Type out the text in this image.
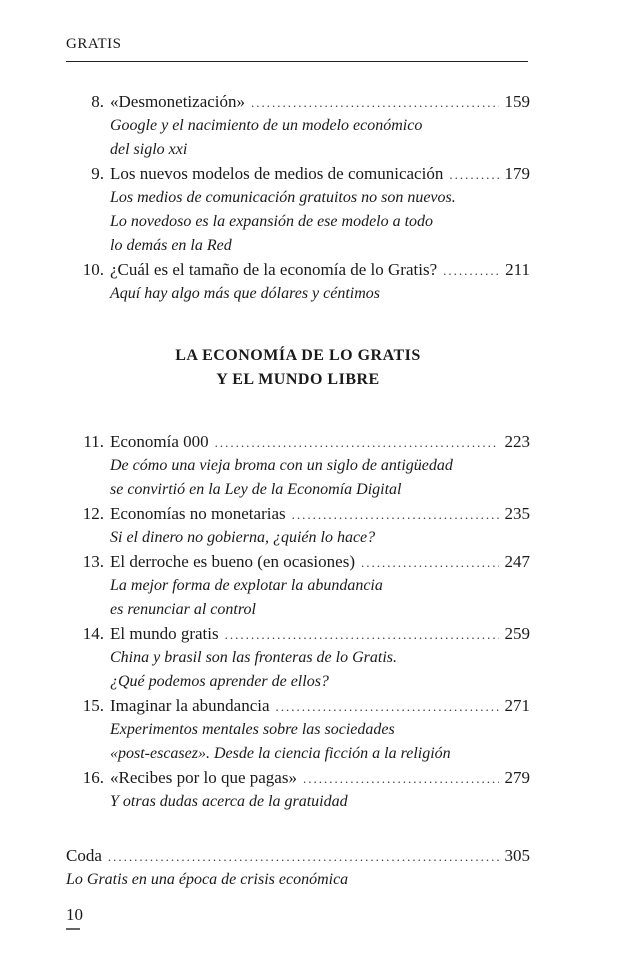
GRATIS
8. «Desmonetización» .....	159
Google y el nacimiento de un modelo económico
del siglo xxi
9. Los nuevos modelos de medios de comunicación .....	179
Los medios de comunicación gratuitos no son nuevos.
Lo novedoso es la expansión de ese modelo a todo
lo demás en la Red
10. ¿Cuál es el tamaño de la economía de lo Gratis? .....	211
Aquí hay algo más que dólares y céntimos
LA ECONOMÍA DE LO GRATIS
Y EL MUNDO LIBRE
11. Economía 000 .....	223
De cómo una vieja broma con un siglo de antigüedad
se convirtió en la Ley de la Economía Digital
12. Economías no monetarias .....	235
Si el dinero no gobierna, ¿quién lo hace?
13. El derroche es bueno (en ocasiones) .....	247
La mejor forma de explotar la abundancia
es renunciar al control
14. El mundo gratis .....	259
China y brasil son las fronteras de lo Gratis.
¿Qué podemos aprender de ellos?
15. Imaginar la abundancia .....	271
Experimentos mentales sobre las sociedades
«post-escasez». Desde la ciencia ficción a la religión
16. «Recibes por lo que pagas» .....	279
Y otras dudas acerca de la gratuidad
Coda .....	305
Lo Gratis en una época de crisis económica
10
